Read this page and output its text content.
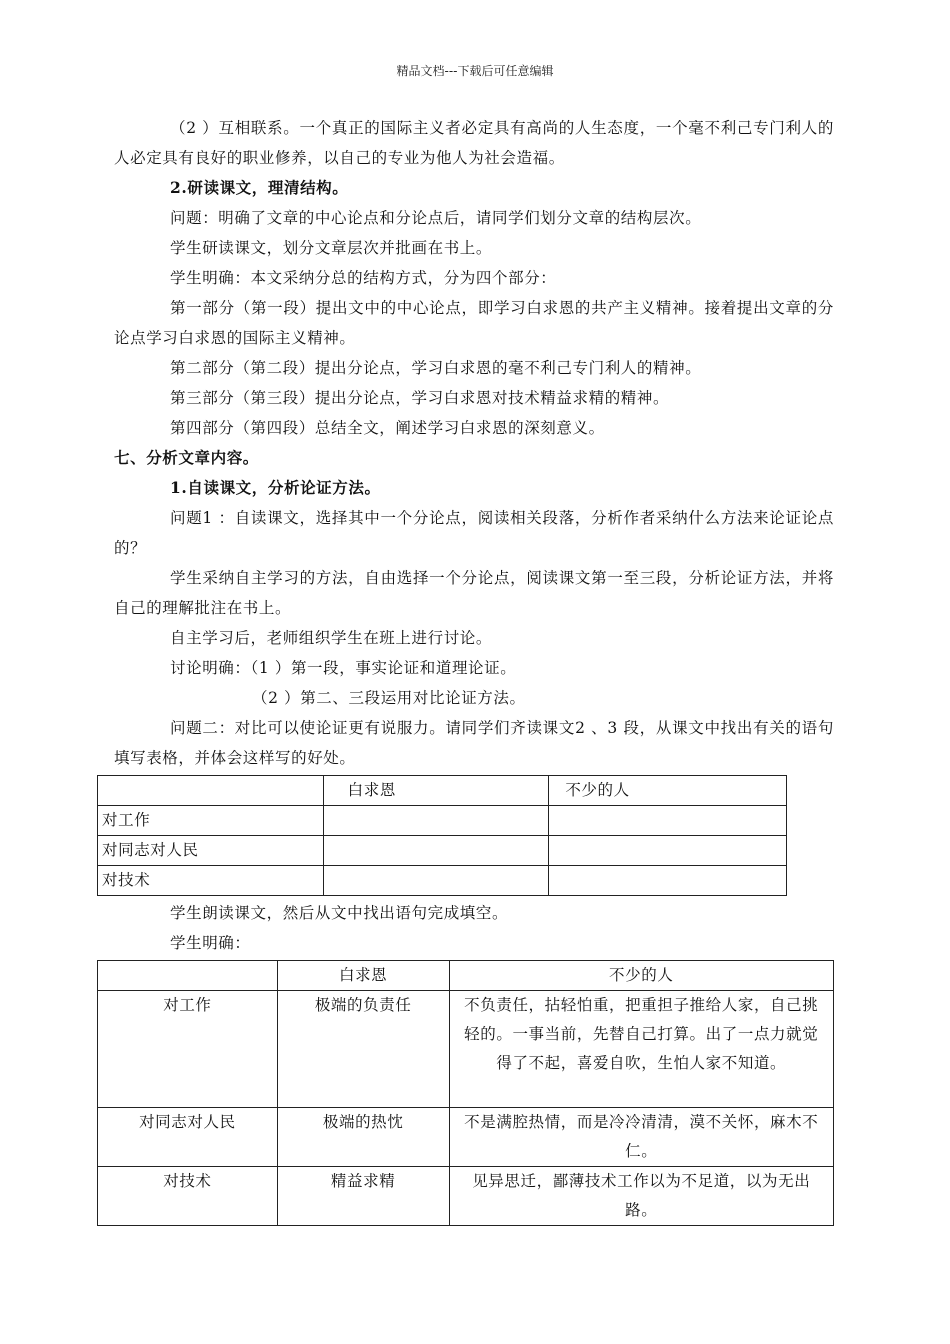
精品文档---下载后可任意编辑

（2 ）互相联系。一个真正的国际主义者必定具有高尚的人生态度，一个毫不利己专门利人的人必定具有良好的职业修养，以自己的专业为他人为社会造福。

2.研读课文，理清结构。

问题：明确了文章的中心论点和分论点后，请同学们划分文章的结构层次。

学生研读课文，划分文章层次并批画在书上。

学生明确：本文采纳分总的结构方式，分为四个部分：

第一部分（第一段）提出文中的中心论点，即学习白求恩的共产主义精神。接着提出文章的分论点学习白求恩的国际主义精神。

第二部分（第二段）提出分论点，学习白求恩的毫不利己专门利人的精神。

第三部分（第三段）提出分论点，学习白求恩对技术精益求精的精神。

第四部分（第四段）总结全文，阐述学习白求恩的深刻意义。

七、分析文章内容。

1.自读课文，分析论证方法。

问题1 ：自读课文，选择其中一个分论点，阅读相关段落，分析作者采纳什么方法来论证论点的？

学生采纳自主学习的方法，自由选择一个分论点，阅读课文第一至三段，分析论证方法，并将自己的理解批注在书上。

自主学习后，老师组织学生在班上进行讨论。

讨论明确：（1 ）第一段，事实论证和道理论证。

（2 ）第二、三段运用对比论证方法。

问题二：对比可以使论证更有说服力。请同学们齐读课文2 、3 段，从课文中找出有关的语句填写表格，并体会这样写的好处。

	白求恩	不少的人
对工作		
对同志对人民		
对技术		

学生朗读课文，然后从文中找出语句完成填空。

学生明确：

	白求恩	不少的人
对工作	极端的负责任	不负责任，拈轻怕重，把重担子推给人家，自己挑轻的。一事当前，先替自己打算。出了一点力就觉得了不起，喜爱自吹，生怕人家不知道。
对同志对人民	极端的热忱	不是满腔热情，而是冷冷清清，漠不关怀，麻木不仁。
对技术	精益求精	见异思迁，鄙薄技术工作以为不足道，以为无出路。
